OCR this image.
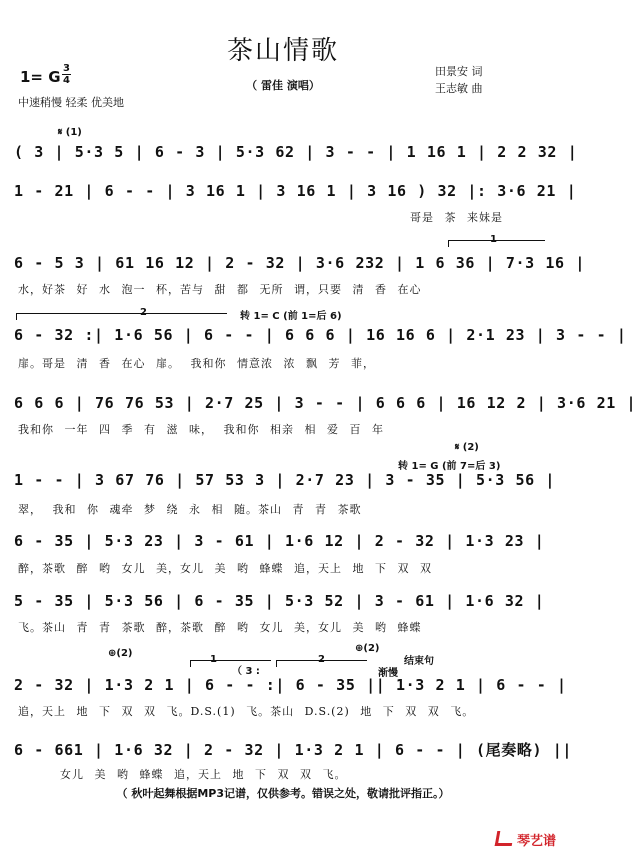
茶山情歌
（ 雷佳 演唱）
田景安 词
王志敏 曲
1= G 3
4
中速稍慢 轻柔 优美地
𝄋 (1)
𝄋 (2)
⊕(2)	⊕(2)
1
2	转 1= C (前 1=后 6)
转 1= G (前 7=后 3)
1
（ 3 :
2
渐慢
结束句
( 3 | 5·3 5 | 6 - 3 | 5·3 62 | 3 - - | 1 16 1 | 2 2 32 |
1 - 21 | 6 - - | 3 16 1 | 3 16 1 | 3 16 ) 32 |: 3·6 21 |
哥是 茶 来妹是
6 - 5 3 | 61 16 12 | 2 - 32 | 3·6 232 | 1 6 36 | 7·3 16 |
水，好茶 好 水 泡一 杯，苦与 甜 都 无所 谓，只要 清 香 在心
6 - 32 :| 1·6 56 | 6 - - | 6 6 6 | 16 16 6 | 2·1 23 | 3 - - |
扉。哥是 清 香 在心 扉。 我和你 情意浓 浓 飘 芳 菲，
6 6 6 | 76 76 53 | 2·7 25 | 3 - - | 6 6 6 | 16 12 2 | 3·6 21 |
我和你 一年 四 季 有 滋 味， 我和你 相亲 相 爱 百 年
1 - - | 3 67 76 | 57 53 3 | 2·7 23 | 3 - 35 | 5·3 56 |
翠， 我和 你 魂牵 梦 绕 永 相 随。茶山 青 青 茶歌
6 - 35 | 5·3 23 | 3 - 61 | 1·6 12 | 2 - 32 | 1·3 23 |
醉，茶歌 醉 哟 女儿 美，女儿 美 哟 蜂蝶 追，天上 地 下 双 双
5 - 35 | 5·3 56 | 6 - 35 | 5·3 52 | 3 - 61 | 1·6 32 |
飞。茶山 青 青 茶歌 醉，茶歌 醉 哟 女儿 美，女儿 美 哟 蜂蝶
2 - 32 | 1·3 2 1 | 6 - - :| 6 - 35 || 1·3 2 1 | 6 - - |
追，天上 地 下 双 双 飞。D.S.(1) 飞。茶山 D.S.(2) 地 下 双 双 飞。
6 - 661 | 1·6 32 | 2 - 32 | 1·3 2 1 | 6 - - | (尾奏略) ||
女儿 美 哟 蜂蝶 追，天上 地 下 双 双 飞。
（ 秋叶起舞根据MP3记谱，仅供参考。错误之处，敬请批评指正。）
琴艺谱
